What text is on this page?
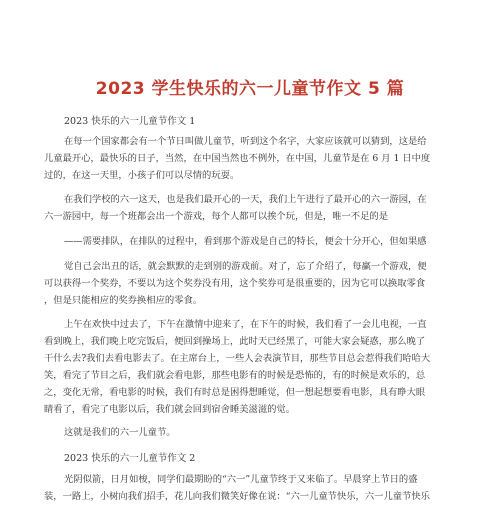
2023 学生快乐的六一儿童节作文 5 篇
2023 快乐的六一儿童节作文 1
在每一个国家都会有一个节日叫做儿童节，听到这个名字，大家应该就可以猜到，这是给
儿童最开心，最快乐的日子，当然，在中国当然也不例外，在中国，儿童节是在 6 月 1 日中度
过的，在这一天里，小孩子们可以尽情的玩耍。
在我们学校的六一这天，也是我们最开心的一天，我们上午进行了最开心的六一游园，在
六一游园中，每一个班都会出一个游戏，每个人都可以挨个玩，但是，唯一不足的是
——需要排队，在排队的过程中，看到那个游戏是自己的特长，便会十分开心，但如果感
觉自己会出丑的话，就会默默的走到别的游戏前。对了，忘了介绍了，每赢一个游戏，便
可以获得一个奖券，不要以为这个奖券没有用，这个奖券可是很重要的，因为它可以换取零食
，但是只能相应的奖券换相应的零食。
上午在欢快中过去了，下午在激情中迎来了，在下午的时候，我们看了一会儿电视，一直
看到晚上，我们晚上吃完饭后，便回到操场上，此时天已经黑了，可能大家会疑惑，那么晚了
干什么去?我们去看电影去了。在主席台上，一些人会表演节目，那些节目总会惹得我们哈哈大
笑，看完了节目之后，我们就会看电影，那些电影有的时候是恐怖的，有的时候是欢乐的，总
之，变化无常，看电影的时候，我们有时总是困得想睡觉，但一想起想要看电影，具有睁大眼
睛看了，看完了电影以后，我们就会回到宿舍睡美滋滋的觉。
这就是我们的六一儿童节。
2023 快乐的六一儿童节作文 2
光阴似箭，日月如梭，同学们最期盼的“六一”儿童节终于又来临了。早晨穿上节日的盛
装，一路上，小树向我们招手，花儿向我们微笑好像在说：“六一儿童节快乐，六一儿童节快乐
